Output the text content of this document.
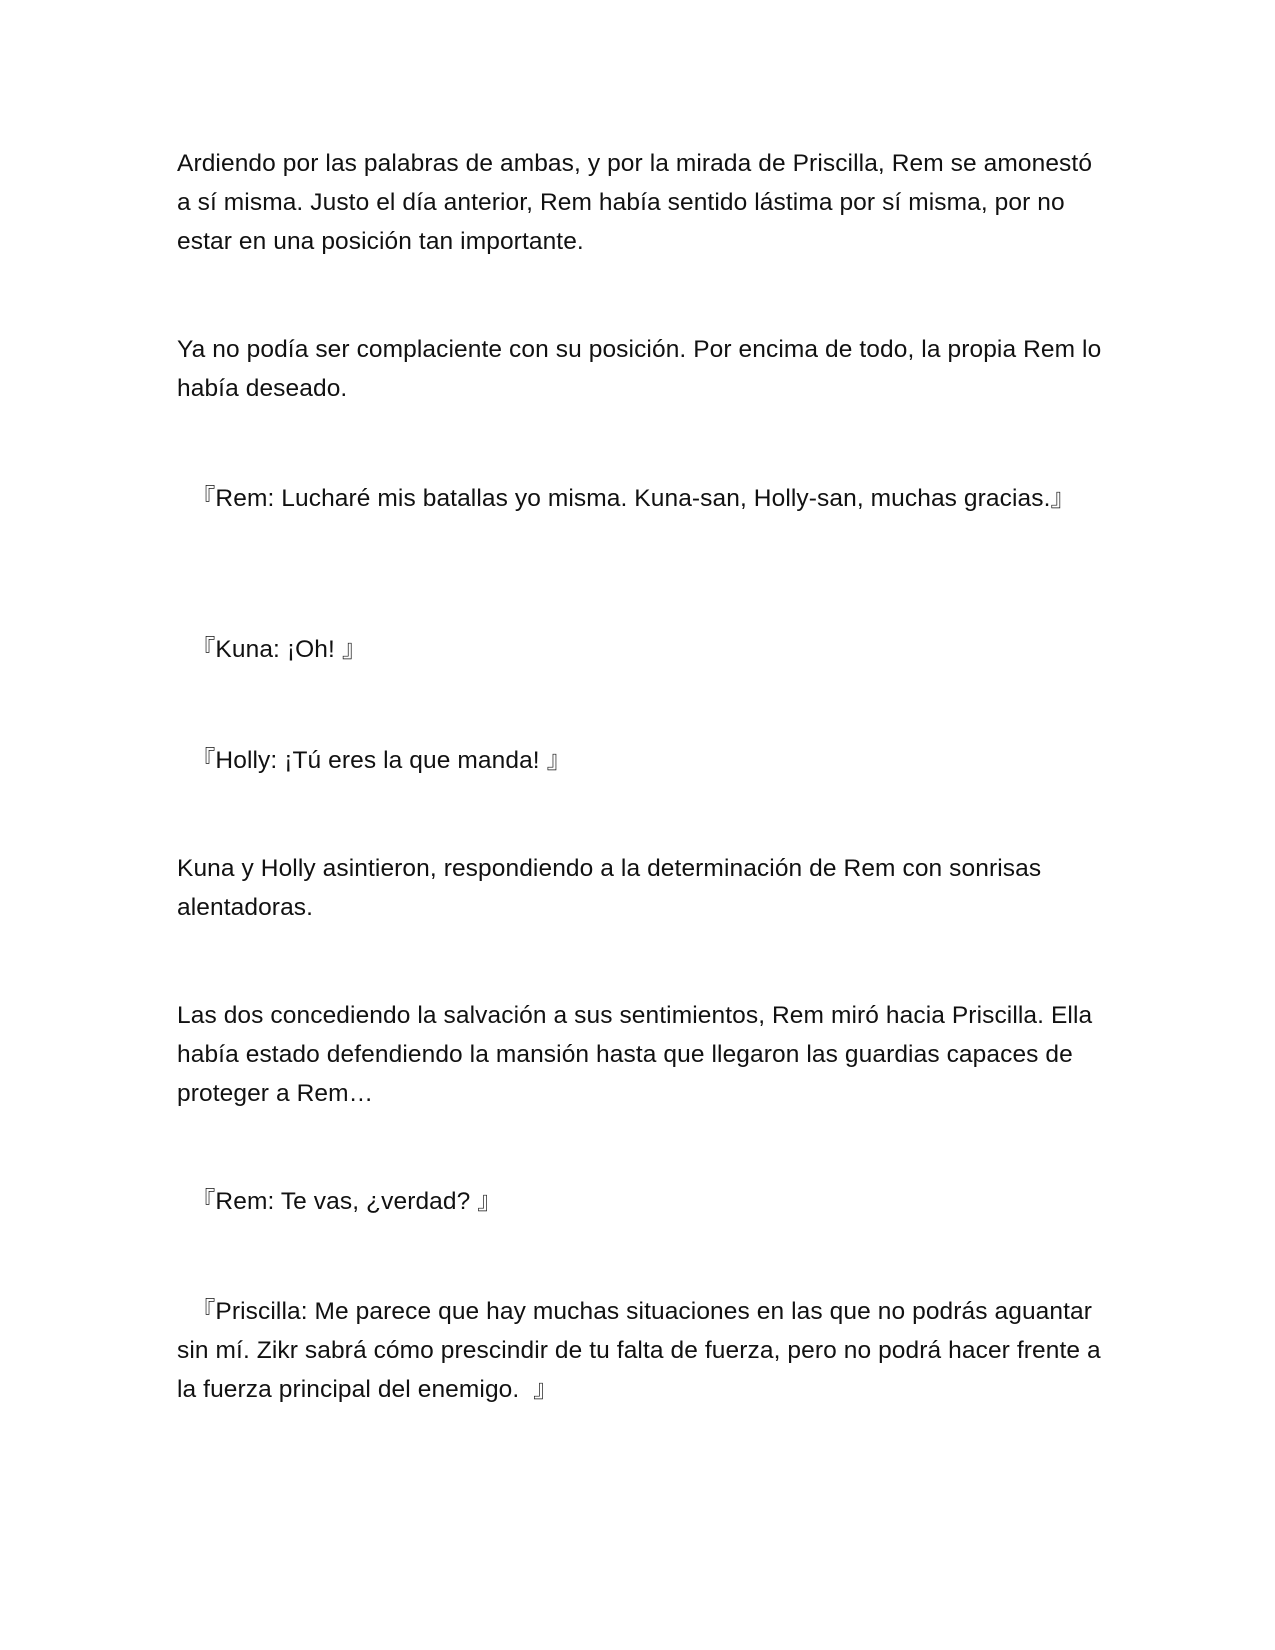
Ardiendo por las palabras de ambas, y por la mirada de Priscilla, Rem se amonestó a sí misma. Justo el día anterior, Rem había sentido lástima por sí misma, por no estar en una posición tan importante.

Ya no podía ser complaciente con su posición. Por encima de todo, la propia Rem lo había deseado.

『Rem: Lucharé mis batallas yo misma. Kuna-san, Holly-san, muchas gracias.』

『Kuna: ¡Oh! 』

『Holly: ¡Tú eres la que manda! 』

Kuna y Holly asintieron, respondiendo a la determinación de Rem con sonrisas alentadoras.

Las dos concediendo la salvación a sus sentimientos, Rem miró hacia Priscilla. Ella había estado defendiendo la mansión hasta que llegaron las guardias capaces de proteger a Rem…

『Rem: Te vas, ¿verdad? 』

『Priscilla: Me parece que hay muchas situaciones en las que no podrás aguantar sin mí. Zikr sabrá cómo prescindir de tu falta de fuerza, pero no podrá hacer frente a la fuerza principal del enemigo.  』
